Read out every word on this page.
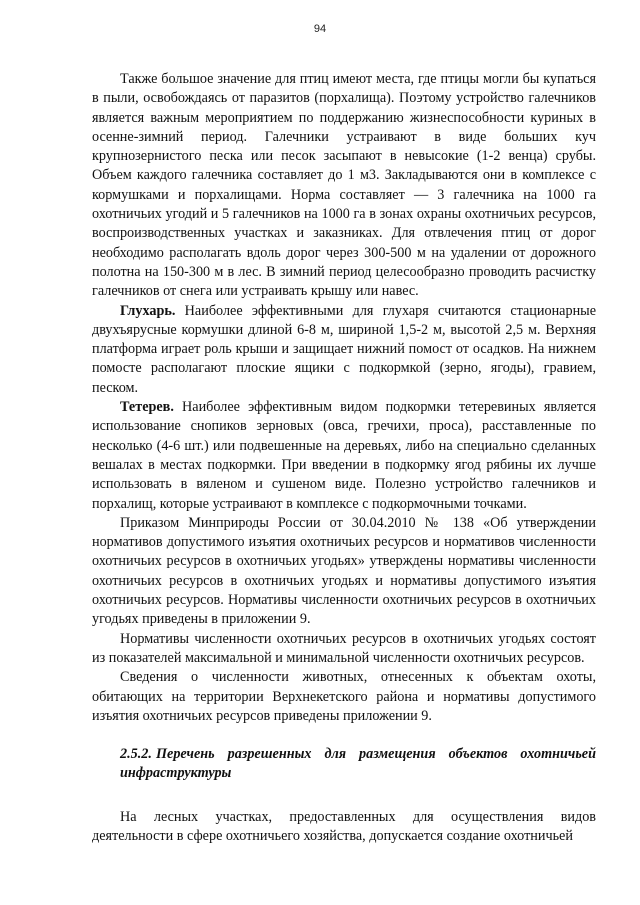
94

Также большое значение для птиц имеют места, где птицы могли бы купаться в пыли, освобождаясь от паразитов (порхалища). Поэтому устройство галечников является важным мероприятием по поддержанию жизнеспособности куриных в осенне-зимний период. Галечники устраивают в виде больших куч крупнозернистого песка или песок засыпают в невысокие (1-2 венца) срубы. Объем каждого галечника составляет до 1 м3. Закладываются они в комплексе с кормушками и порхалищами. Норма составляет — 3 галечника на 1000 га охотничьих угодий и 5 галечников на 1000 га в зонах охраны охотничьих ресурсов, воспроизводственных участках и заказниках. Для отвлечения птиц от дорог необходимо располагать вдоль дорог через 300-500 м на удалении от дорожного полотна на 150-300 м в лес. В зимний период целесообразно проводить расчистку галечников от снега или устраивать крышу или навес.

Глухарь. Наиболее эффективными для глухаря считаются стационарные двухъярусные кормушки длиной 6-8 м, шириной 1,5-2 м, высотой 2,5 м. Верхняя платформа играет роль крыши и защищает нижний помост от осадков. На нижнем помосте располагают плоские ящики с подкормкой (зерно, ягоды), гравием, песком.

Тетерев. Наиболее эффективным видом подкормки тетеревиных является использование снопиков зерновых (овса, гречихи, проса), расставленные по несколько (4-6 шт.) или подвешенные на деревьях, либо на специально сделанных вешалах в местах подкормки. При введении в подкормку ягод рябины их лучше использовать в вяленом и сушеном виде. Полезно устройство галечников и порхалищ, которые устраивают в комплексе с подкормочными точками.

Приказом Минприроды России от 30.04.2010 № 138 «Об утверждении нормативов допустимого изъятия охотничьих ресурсов и нормативов численности охотничьих ресурсов в охотничьих угодьях» утверждены нормативы численности охотничьих ресурсов в охотничьих угодьях и нормативы допустимого изъятия охотничьих ресурсов. Нормативы численности охотничьих ресурсов в охотничьих угодьях приведены в приложении 9.

Нормативы численности охотничьих ресурсов в охотничьих угодьях состоят из показателей максимальной и минимальной численности охотничьих ресурсов.

Сведения о численности животных, отнесенных к объектам охоты, обитающих на территории Верхнекетского района и нормативы допустимого изъятия охотничьих ресурсов приведены приложении 9.

2.5.2. Перечень разрешенных для размещения объектов охотничьей инфраструктуры

На лесных участках, предоставленных для осуществления видов деятельности в сфере охотничьего хозяйства, допускается создание охотничьей
